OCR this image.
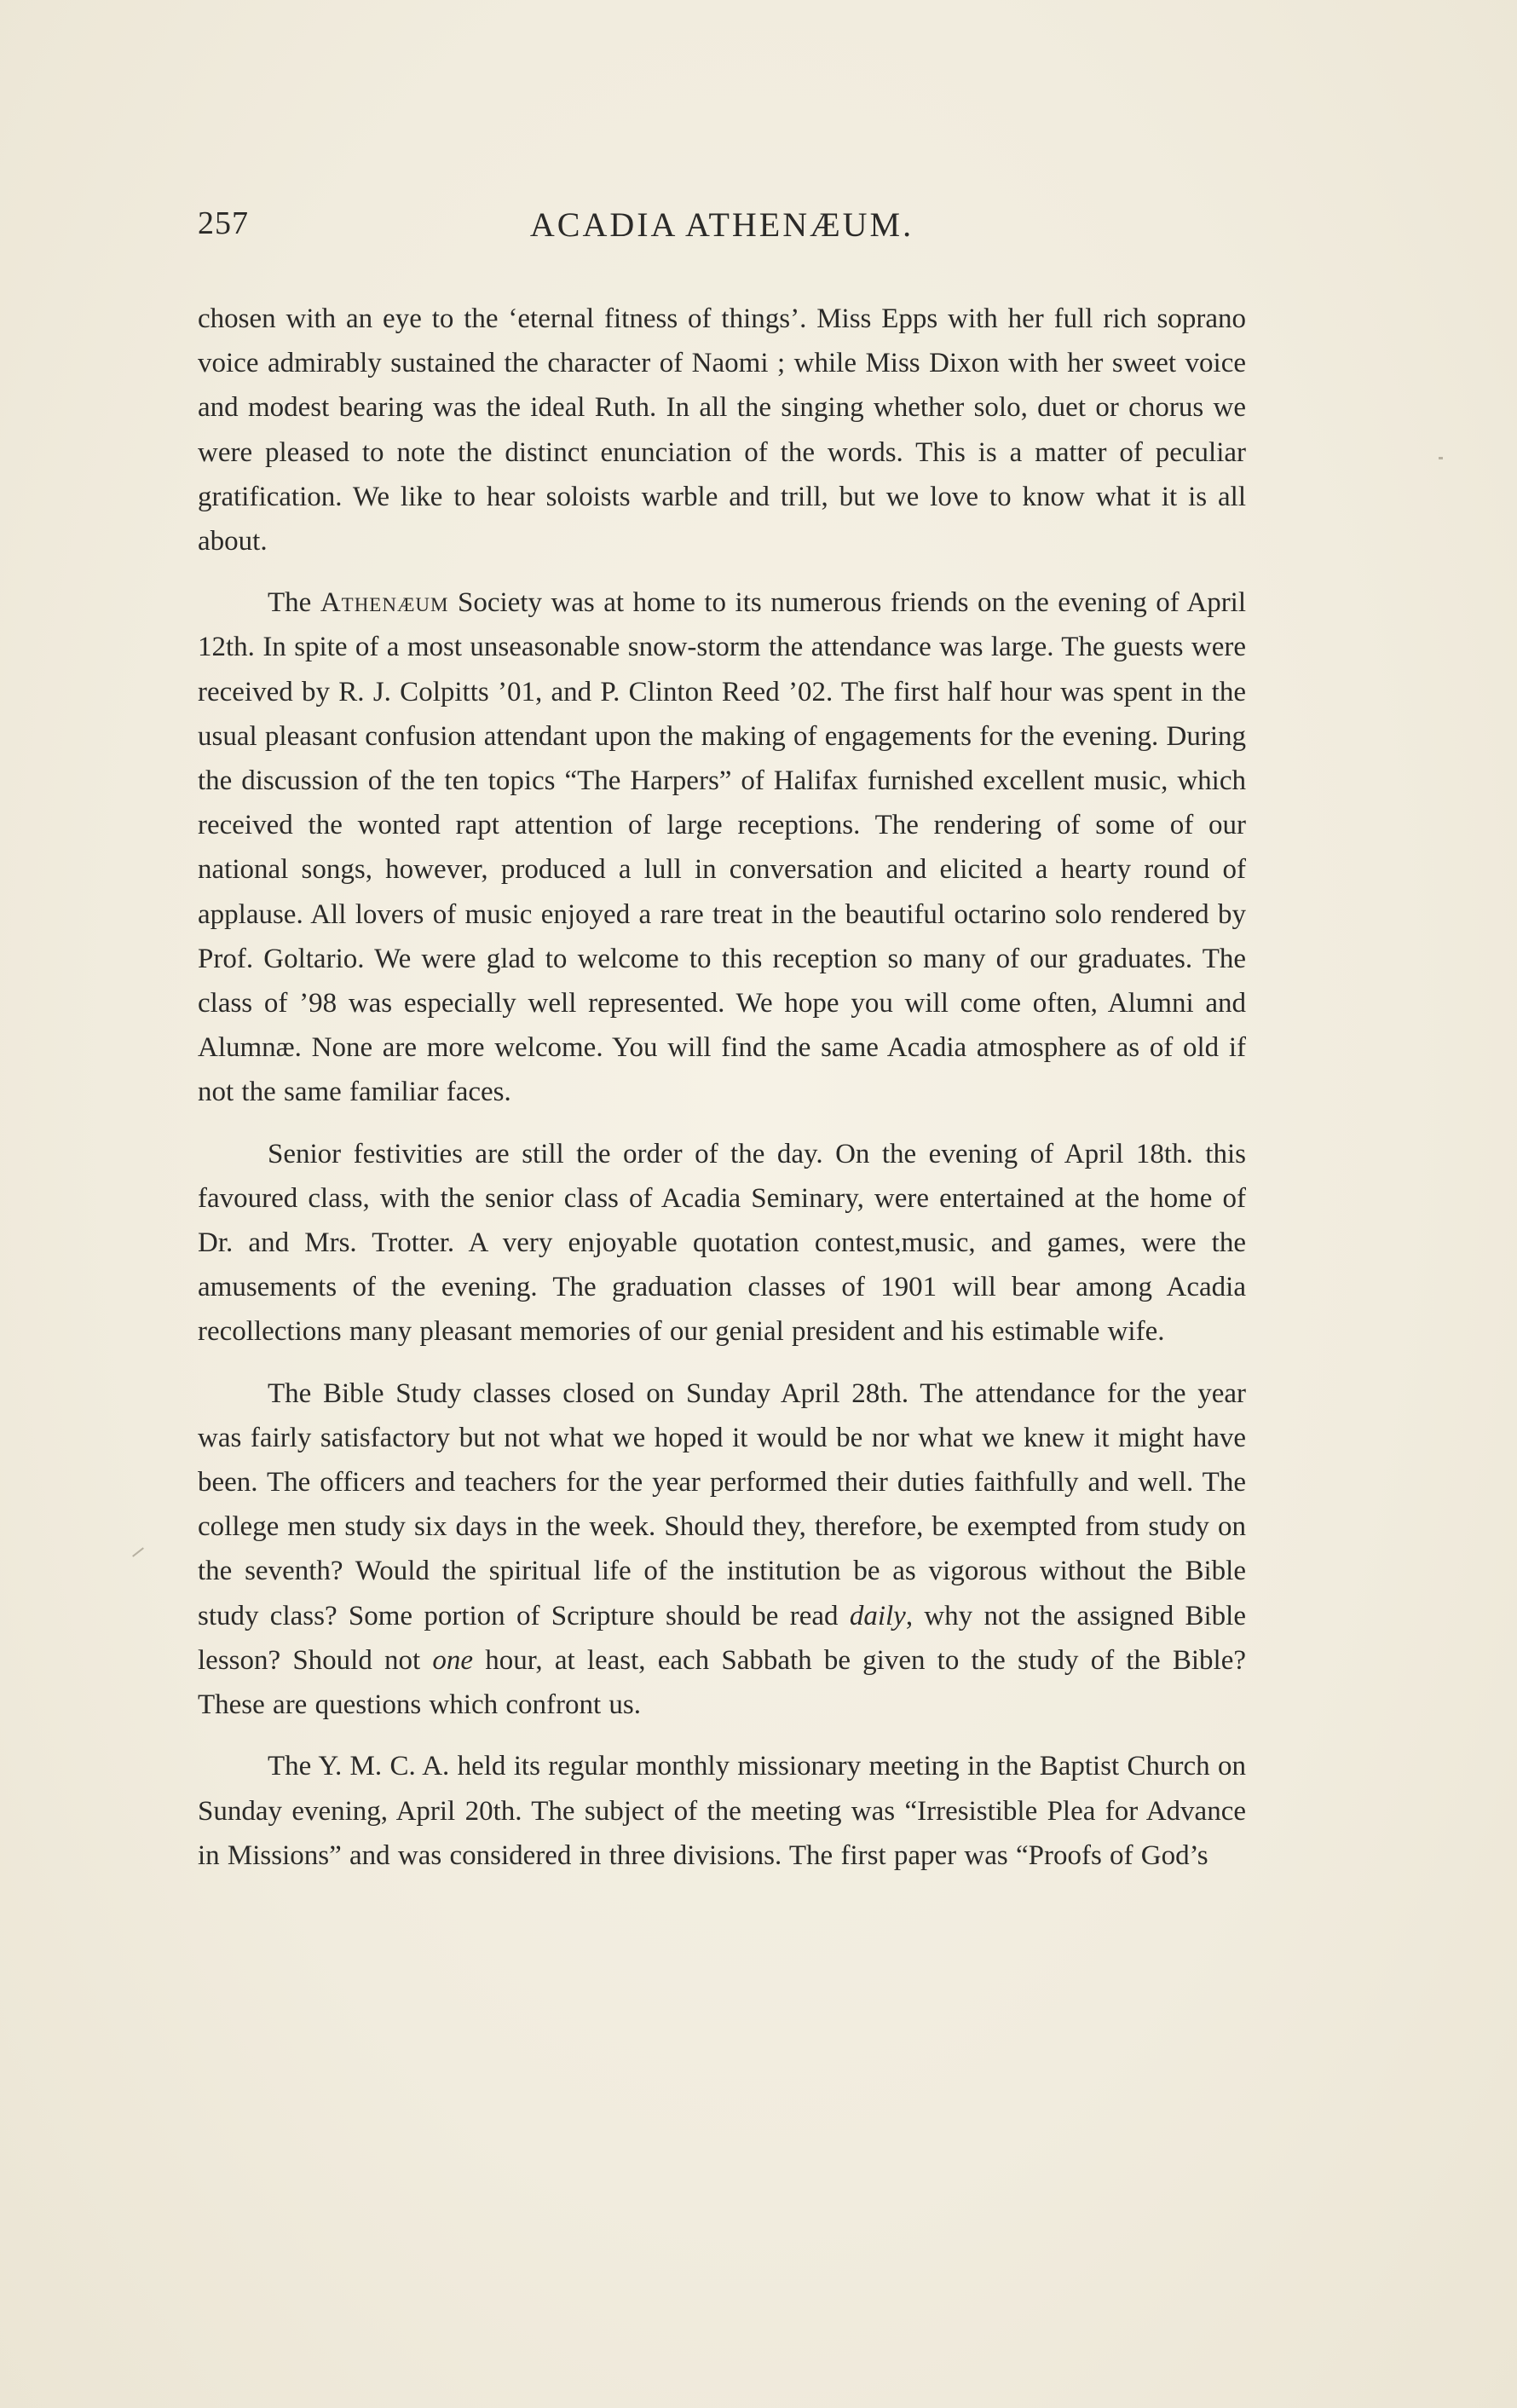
257	ACADIA ATHENÆUM.

chosen with an eye to the ‘eternal fitness of things’. Miss Epps with her full rich soprano voice admirably sustained the character of Naomi ; while Miss Dixon with her sweet voice and modest bearing was the ideal Ruth. In all the singing whether solo, duet or chorus we were pleased to note the distinct enunciation of the words. This is a matter of peculiar gratification. We like to hear soloists warble and trill, but we love to know what it is all about.

The Athenæum Society was at home to its numerous friends on the evening of April 12th. In spite of a most unseasonable snow-storm the attendance was large. The guests were received by R. J. Colpitts ’01, and P. Clinton Reed ’02. The first half hour was spent in the usual pleasant confusion attendant upon the making of engagements for the evening. During the discussion of the ten topics “The Harpers” of Halifax furnished excellent music, which received the wonted rapt attention of large receptions. The rendering of some of our national songs, however, produced a lull in conversation and elicited a hearty round of applause. All lovers of music enjoyed a rare treat in the beautiful octarino solo rendered by Prof. Goltario. We were glad to welcome to this reception so many of our graduates. The class of ’98 was especially well represented. We hope you will come often, Alumni and Alumnæ. None are more welcome. You will find the same Acadia atmosphere as of old if not the same familiar faces.

Senior festivities are still the order of the day. On the evening of April 18th. this favoured class, with the senior class of Acadia Seminary, were entertained at the home of Dr. and Mrs. Trotter. A very enjoyable quotation contest,music, and games, were the amusements of the evening. The graduation classes of 1901 will bear among Acadia recollections many pleasant memories of our genial president and his estimable wife.

The Bible Study classes closed on Sunday April 28th. The attendance for the year was fairly satisfactory but not what we hoped it would be nor what we knew it might have been. The officers and teachers for the year performed their duties faithfully and well. The college men study six days in the week. Should they, therefore, be exempted from study on the seventh? Would the spiritual life of the institution be as vigorous without the Bible study class? Some portion of Scripture should be read daily, why not the assigned Bible lesson? Should not one hour, at least, each Sabbath be given to the study of the Bible? These are questions which confront us.

The Y. M. C. A. held its regular monthly missionary meeting in the Baptist Church on Sunday evening, April 20th. The subject of the meeting was “Irresistible Plea for Advance in Missions” and was considered in three divisions. The first paper was “Proofs of God’s
